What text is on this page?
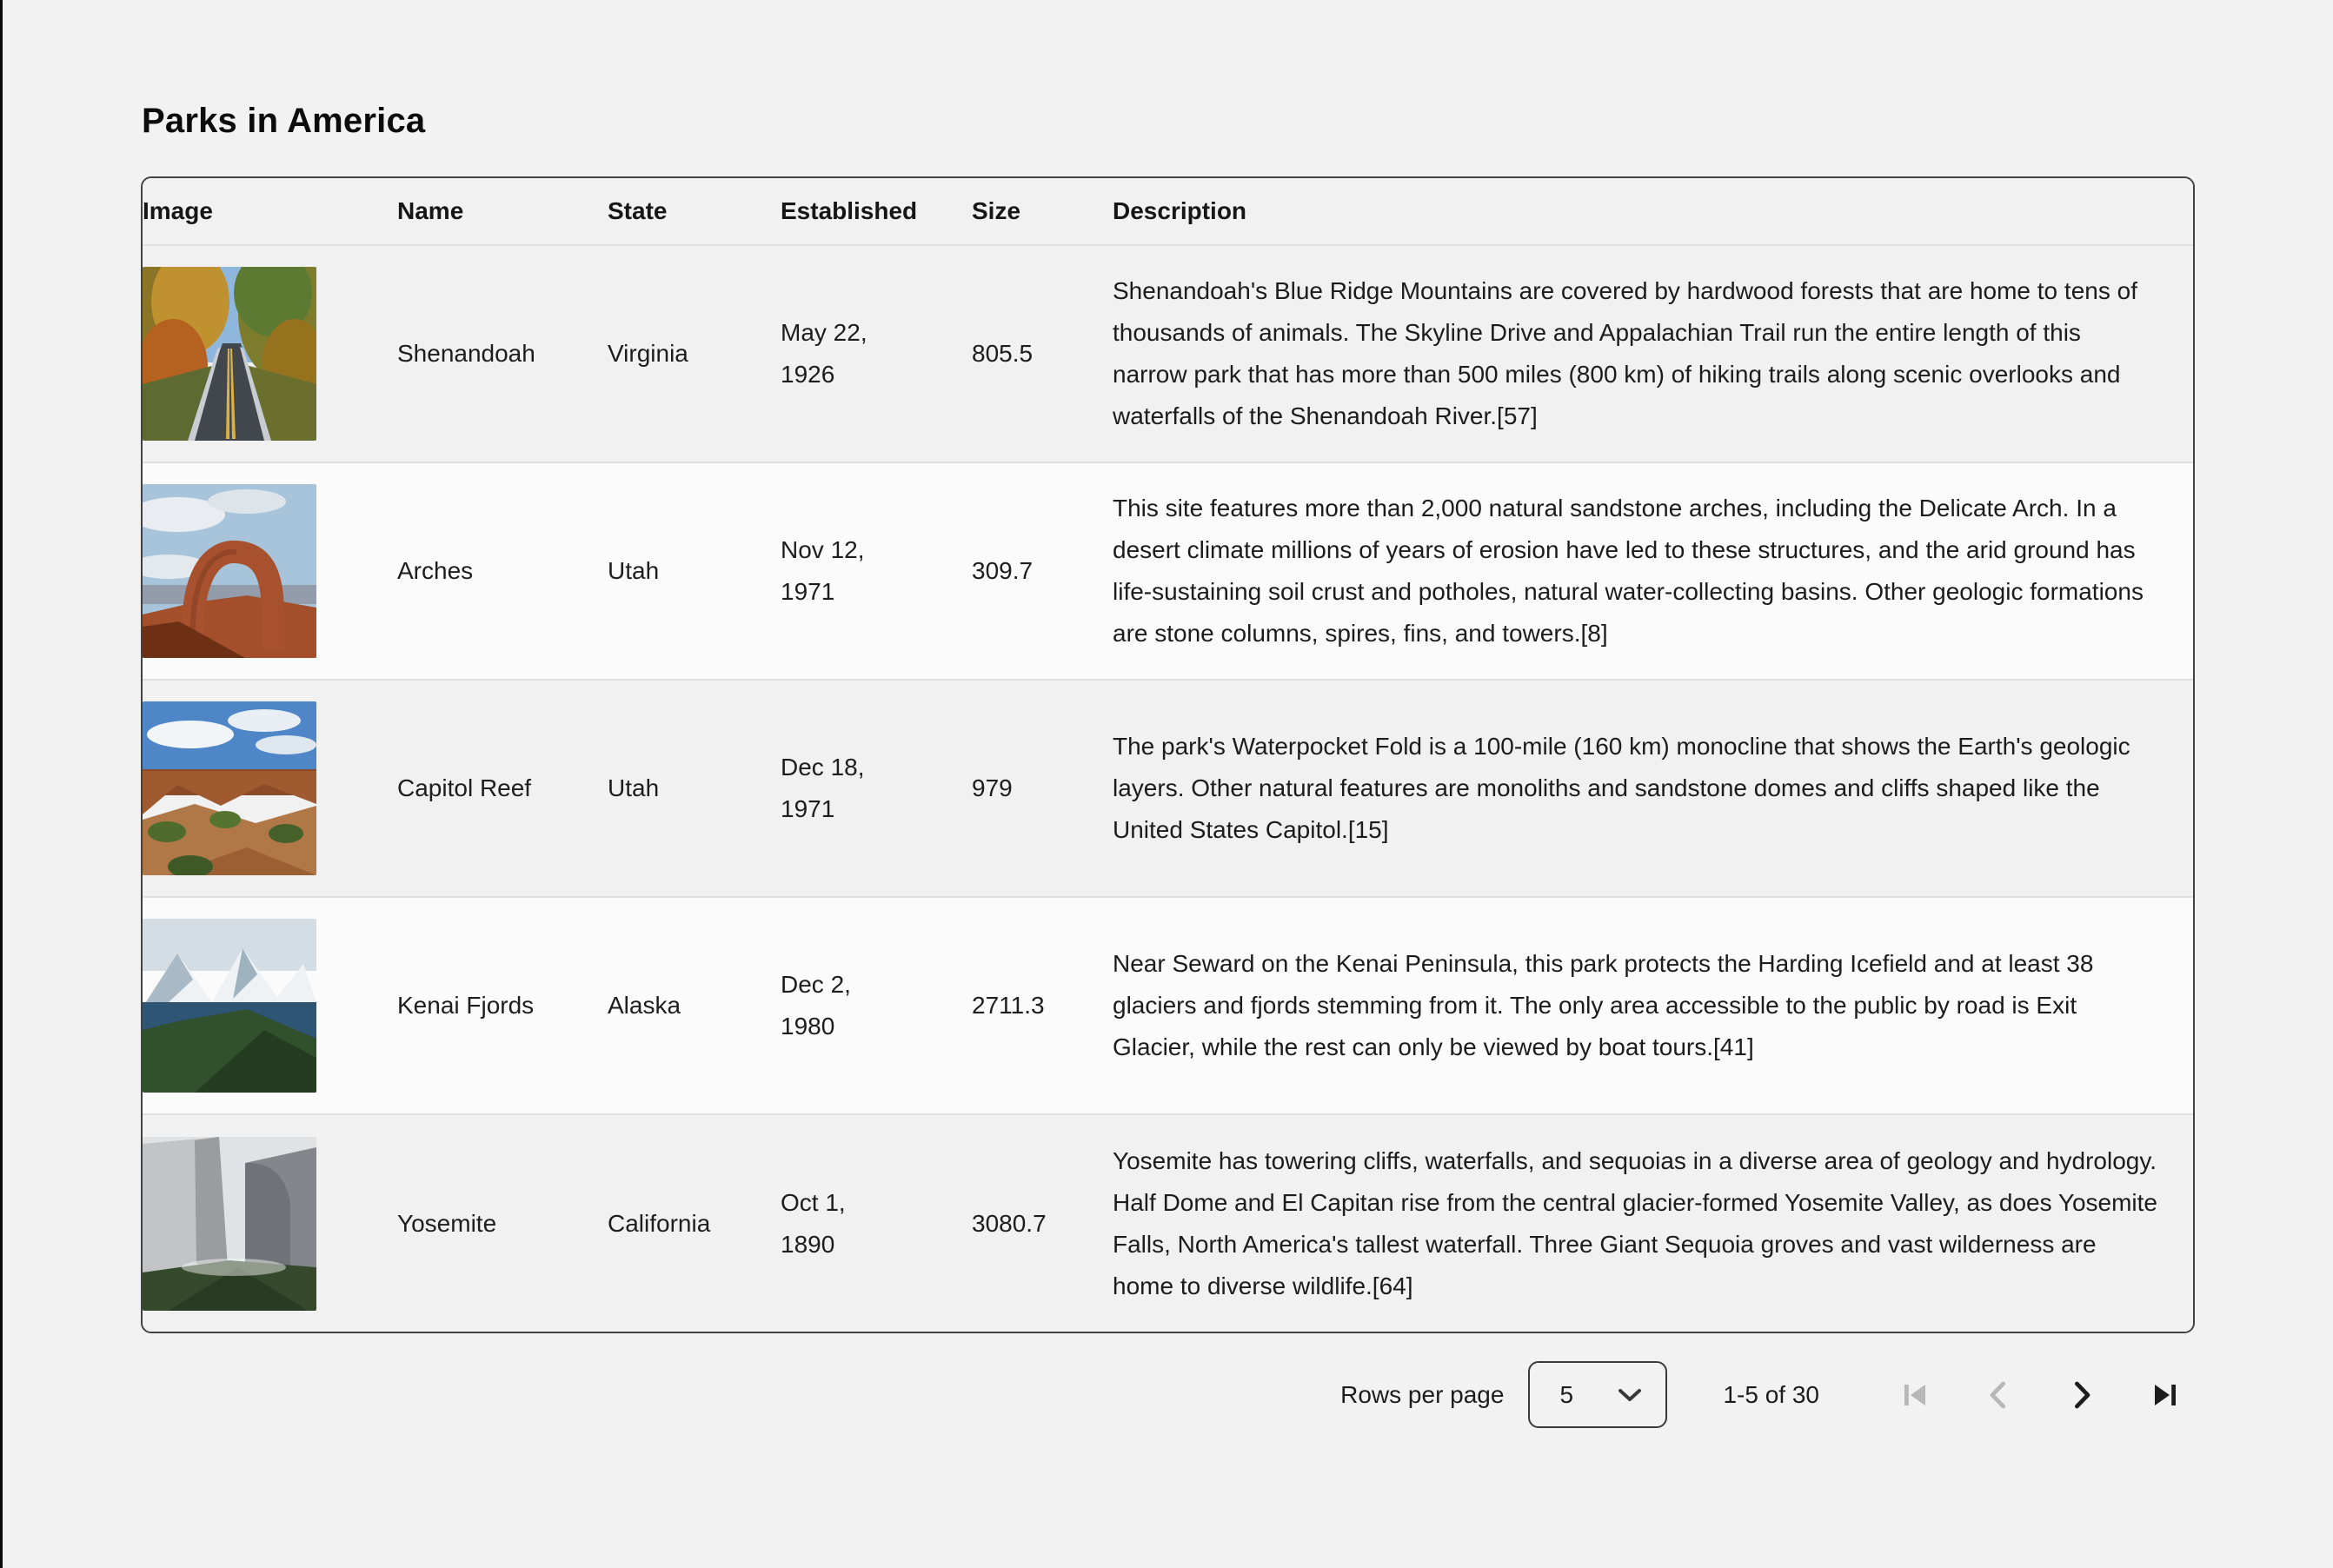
Parks in America
Image	Name	State	Established	Size	Description

	Shenandoah	Virginia	May 22, 1926	805.5	Shenandoah's Blue Ridge Mountains are covered by hardwood forests that are home to tens of thousands of animals. The Skyline Drive and Appalachian Trail run the entire length of this narrow park that has more than 500 miles (800 km) of hiking trails along scenic overlooks and waterfalls of the Shenandoah River.[57]

	Arches	Utah	Nov 12, 1971	309.7	This site features more than 2,000 natural sandstone arches, including the Delicate Arch. In a desert climate millions of years of erosion have led to these structures, and the arid ground has life-sustaining soil crust and potholes, natural water-collecting basins. Other geologic formations are stone columns, spires, fins, and towers.[8]

	Capitol Reef	Utah	Dec 18, 1971	979	The park's Waterpocket Fold is a 100-mile (160 km) monocline that shows the Earth's geologic layers. Other natural features are monoliths and sandstone domes and cliffs shaped like the United States Capitol.[15]

	Kenai Fjords	Alaska	Dec 2, 1980	2711.3	Near Seward on the Kenai Peninsula, this park protects the Harding Icefield and at least 38 glaciers and fjords stemming from it. The only area accessible to the public by road is Exit Glacier, while the rest can only be viewed by boat tours.[41]

	Yosemite	California	Oct 1, 1890	3080.7	Yosemite has towering cliffs, waterfalls, and sequoias in a diverse area of geology and hydrology. Half Dome and El Capitan rise from the central glacier-formed Yosemite Valley, as does Yosemite Falls, North America's tallest waterfall. Three Giant Sequoia groves and vast wilderness are home to diverse wildlife.[64]
Rows per page 5	1-5 of 30
